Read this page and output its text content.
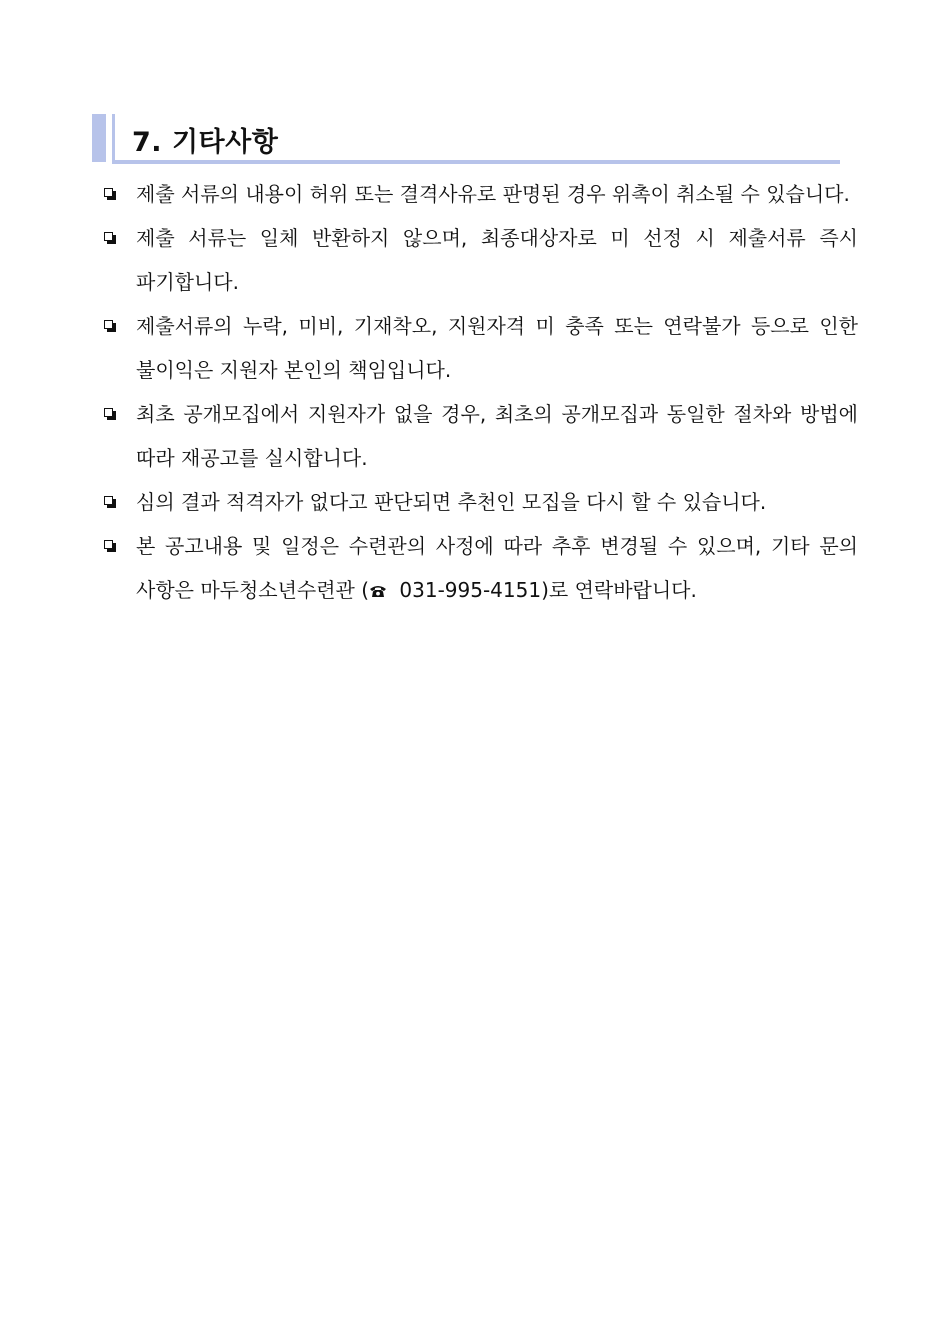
7. 기타사항
제출 서류의 내용이 허위 또는 결격사유로 판명된 경우 위촉이 취소될 수 있습니다.
제출 서류는 일체 반환하지 않으며, 최종대상자로 미 선정 시 제출서류 즉시 파기합니다.
제출서류의 누락, 미비, 기재착오, 지원자격 미 충족 또는 연락불가 등으로 인한 불이익은 지원자 본인의 책임입니다.
최초 공개모집에서 지원자가 없을 경우, 최초의 공개모집과 동일한 절차와 방법에 따라 재공고를 실시합니다.
심의 결과 적격자가 없다고 판단되면 추천인 모집을 다시 할 수 있습니다.
본 공고내용 및 일정은 수련관의 사정에 따라 추후 변경될 수 있으며, 기타 문의 사항은 마두청소년수련관 ( 031-995-4151)로 연락바랍니다.
